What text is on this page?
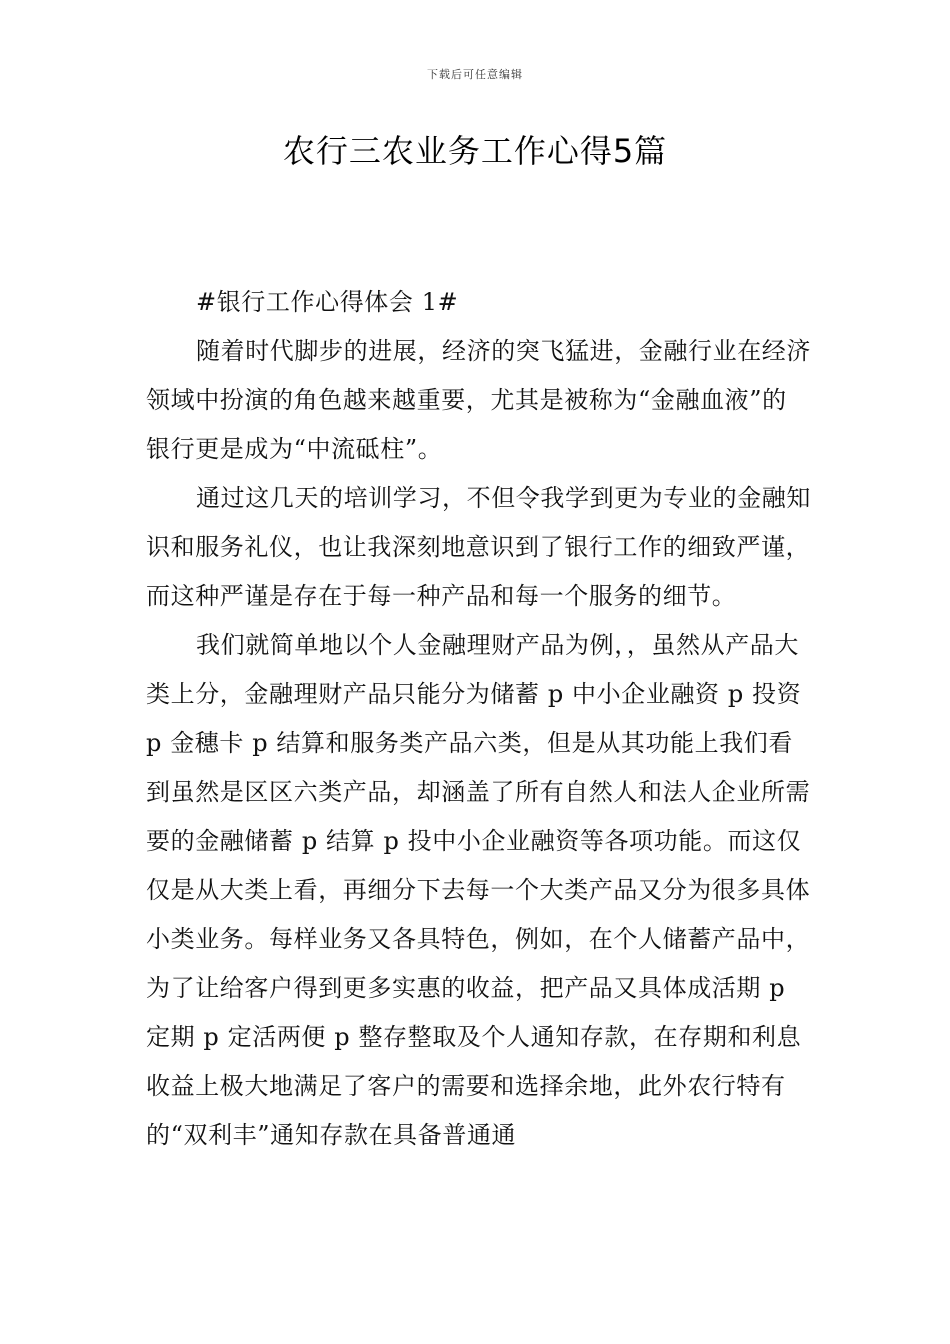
下载后可任意编辑
农行三农业务工作心得5篇

#银行工作心得体会 1#

随着时代脚步的进展，经济的突飞猛进，金融行业在经济领域中扮演的角色越来越重要，尤其是被称为“金融血液”的银行更是成为“中流砥柱”。

通过这几天的培训学习，不但令我学到更为专业的金融知识和服务礼仪，也让我深刻地意识到了银行工作的细致严谨，而这种严谨是存在于每一种产品和每一个服务的细节。

我们就简单地以个人金融理财产品为例，，虽然从产品大类上分，金融理财产品只能分为储蓄 p 中小企业融资 p 投资 p 金穗卡 p 结算和服务类产品六类，但是从其功能上我们看到虽然是区区六类产品，却涵盖了所有自然人和法人企业所需要的金融储蓄 p 结算 p 投中小企业融资等各项功能。而这仅仅是从大类上看，再细分下去每一个大类产品又分为很多具体小类业务。每样业务又各具特色，例如，在个人储蓄产品中，为了让给客户得到更多实惠的收益，把产品又具体成活期 p 定期 p 定活两便 p 整存整取及个人通知存款，在存期和利息收益上极大地满足了客户的需要和选择余地，此外农行特有的“双利丰”通知存款在具备普通通
